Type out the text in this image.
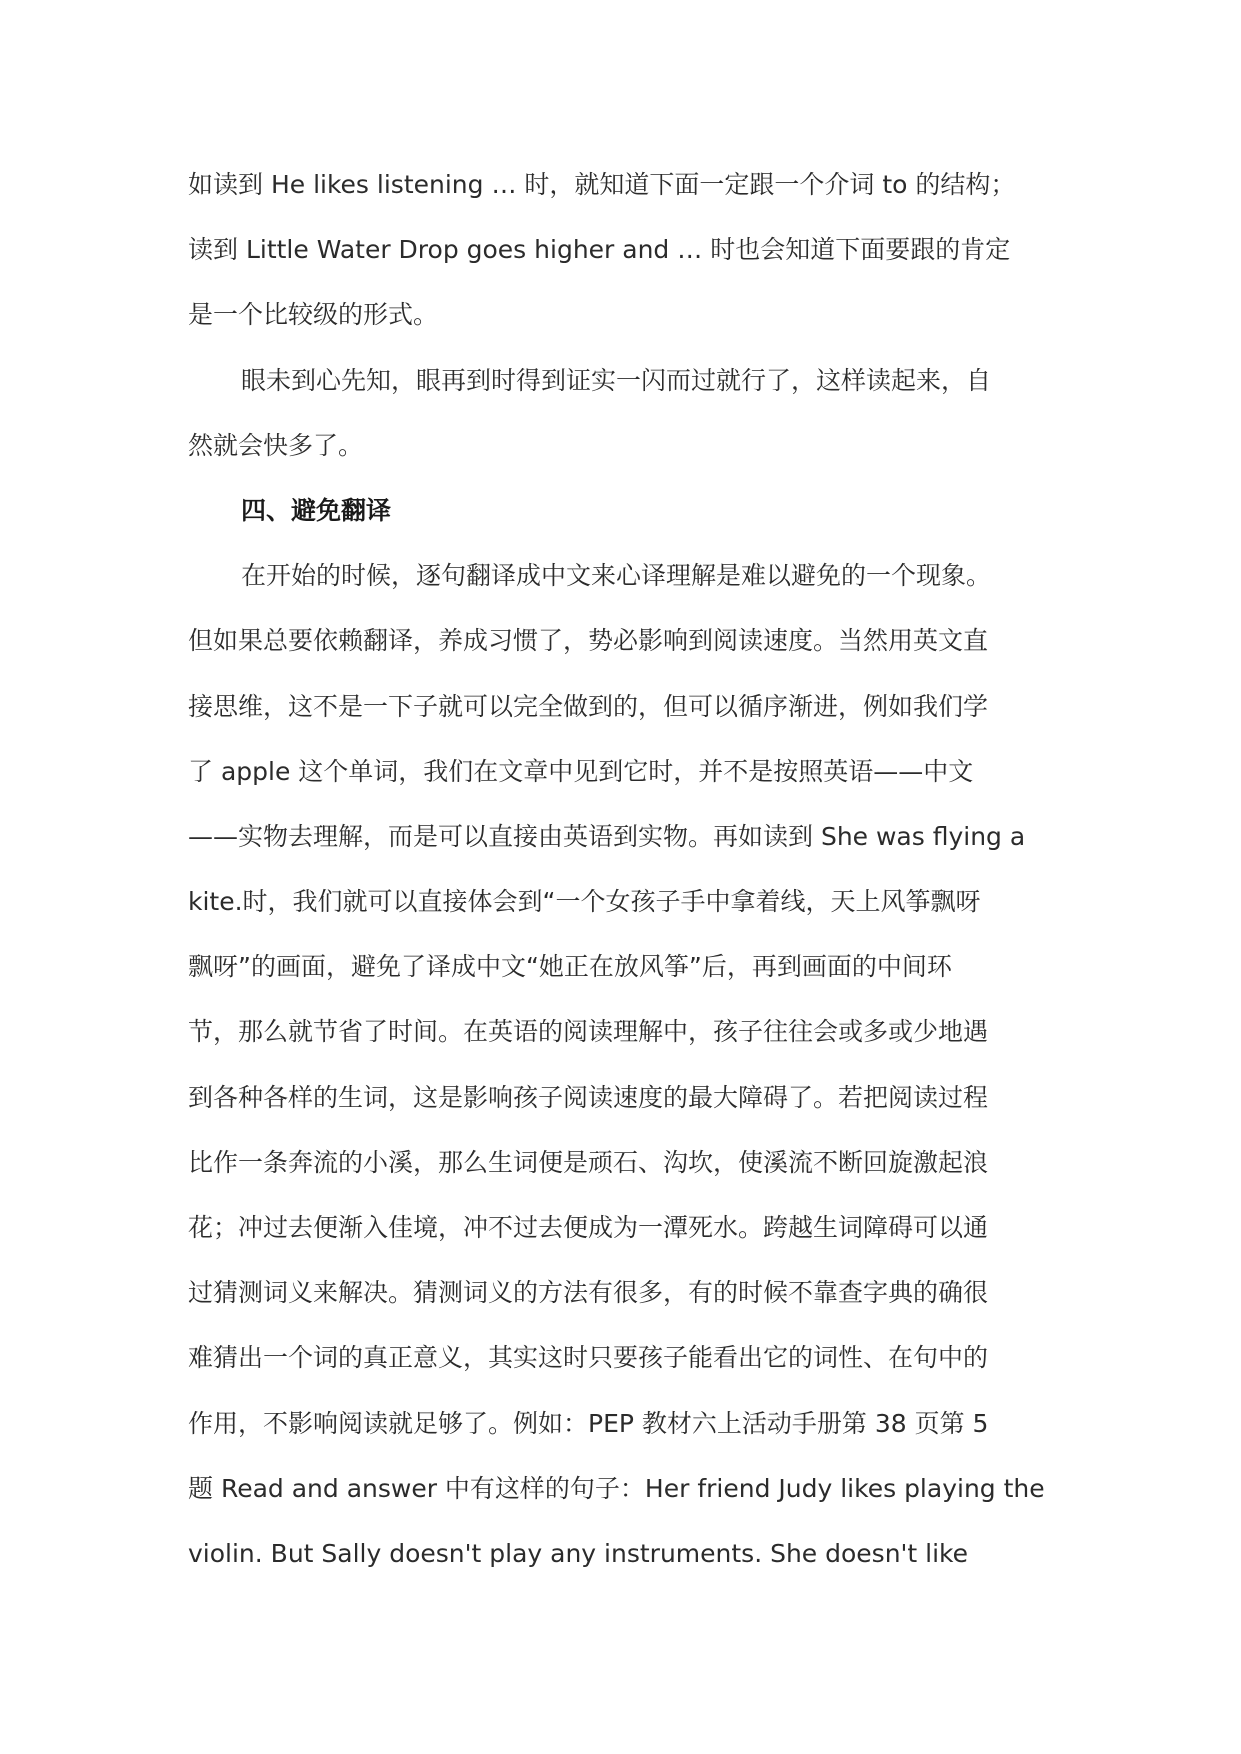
如读到 He likes listening … 时，就知道下面一定跟一个介词 to 的结构；
读到 Little Water Drop goes higher and … 时也会知道下面要跟的肯定
是一个比较级的形式。
眼未到心先知，眼再到时得到证实一闪而过就行了，这样读起来，自
然就会快多了。
四、避免翻译
在开始的时候，逐句翻译成中文来心译理解是难以避免的一个现象。
但如果总要依赖翻译，养成习惯了，势必影响到阅读速度。当然用英文直
接思维，这不是一下子就可以完全做到的，但可以循序渐进，例如我们学
了 apple 这个单词，我们在文章中见到它时，并不是按照英语——中文
——实物去理解，而是可以直接由英语到实物。再如读到 She was flying a
kite.时，我们就可以直接体会到“一个女孩子手中拿着线，天上风筝飘呀
飘呀”的画面，避免了译成中文“她正在放风筝”后，再到画面的中间环
节，那么就节省了时间。在英语的阅读理解中，孩子往往会或多或少地遇
到各种各样的生词，这是影响孩子阅读速度的最大障碍了。若把阅读过程
比作一条奔流的小溪，那么生词便是顽石、沟坎，使溪流不断回旋激起浪
花；冲过去便渐入佳境，冲不过去便成为一潭死水。跨越生词障碍可以通
过猜测词义来解决。猜测词义的方法有很多，有的时候不靠查字典的确很
难猜出一个词的真正意义，其实这时只要孩子能看出它的词性、在句中的
作用，不影响阅读就足够了。例如：PEP 教材六上活动手册第 38 页第 5
题 Read and answer 中有这样的句子：Her friend Judy likes playing the
violin. But Sally doesn't play any instruments. She doesn't like
